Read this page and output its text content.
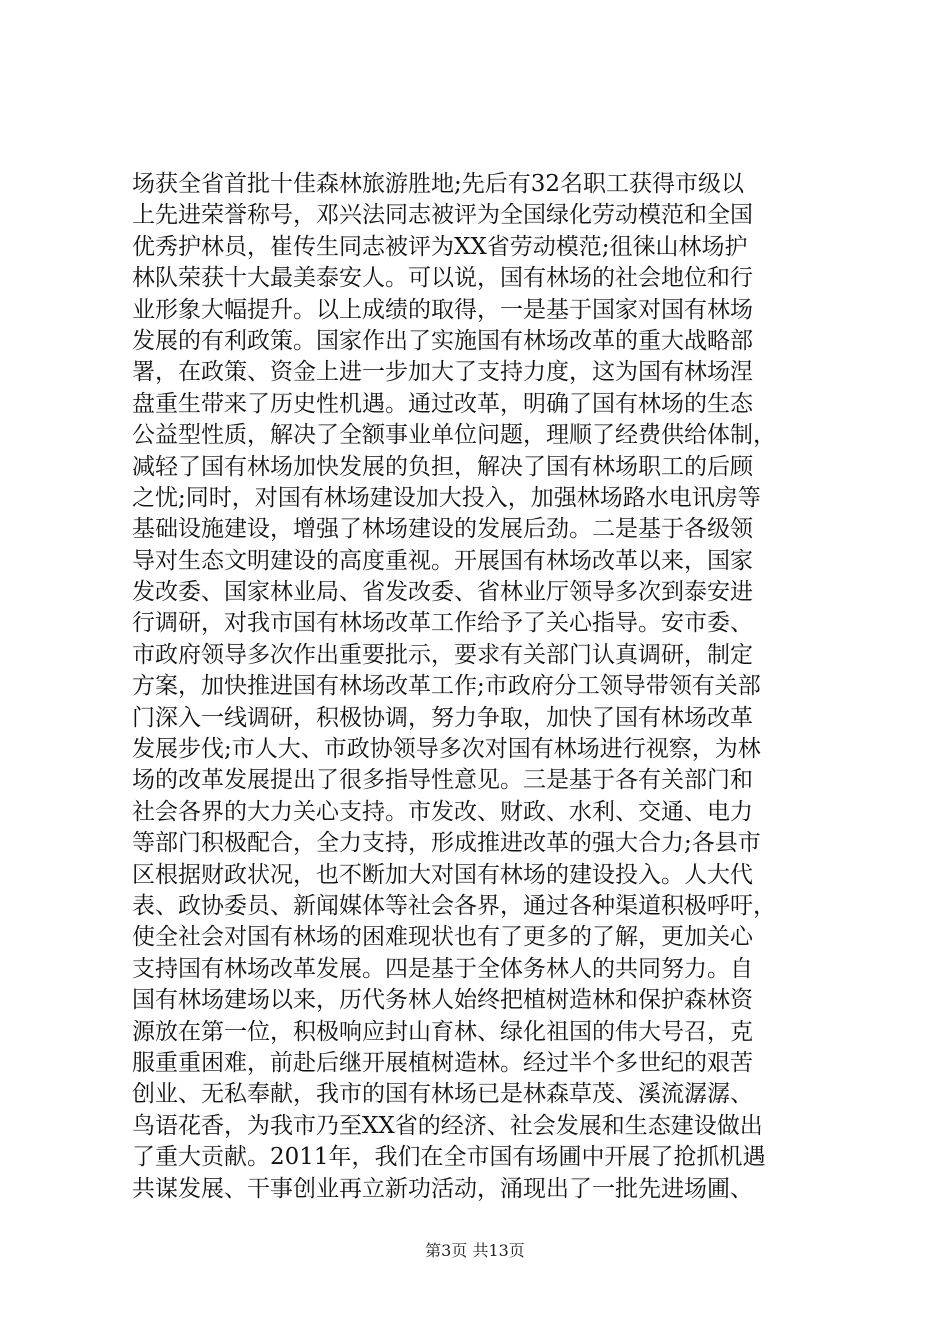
场获全省首批十佳森林旅游胜地;先后有32名职工获得市级以
上先进荣誉称号，邓兴法同志被评为全国绿化劳动模范和全国
优秀护林员，崔传生同志被评为XX省劳动模范;徂徕山林场护
林队荣获十大最美泰安人。可以说，国有林场的社会地位和行
业形象大幅提升。以上成绩的取得，一是基于国家对国有林场
发展的有利政策。国家作出了实施国有林场改革的重大战略部
署，在政策、资金上进一步加大了支持力度，这为国有林场涅
盘重生带来了历史性机遇。通过改革，明确了国有林场的生态
公益型性质，解决了全额事业单位问题，理顺了经费供给体制，
减轻了国有林场加快发展的负担，解决了国有林场职工的后顾
之忧;同时，对国有林场建设加大投入，加强林场路水电讯房等
基础设施建设，增强了林场建设的发展后劲。二是基于各级领
导对生态文明建设的高度重视。开展国有林场改革以来，国家
发改委、国家林业局、省发改委、省林业厅领导多次到泰安进
行调研，对我市国有林场改革工作给予了关心指导。安市委、
市政府领导多次作出重要批示，要求有关部门认真调研，制定
方案，加快推进国有林场改革工作;市政府分工领导带领有关部
门深入一线调研，积极协调，努力争取，加快了国有林场改革
发展步伐;市人大、市政协领导多次对国有林场进行视察，为林
场的改革发展提出了很多指导性意见。三是基于各有关部门和
社会各界的大力关心支持。市发改、财政、水利、交通、电力
等部门积极配合，全力支持，形成推进改革的强大合力;各县市
区根据财政状况，也不断加大对国有林场的建设投入。人大代
表、政协委员、新闻媒体等社会各界，通过各种渠道积极呼吁，
使全社会对国有林场的困难现状也有了更多的了解，更加关心
支持国有林场改革发展。四是基于全体务林人的共同努力。自
国有林场建场以来，历代务林人始终把植树造林和保护森林资
源放在第一位，积极响应封山育林、绿化祖国的伟大号召，克
服重重困难，前赴后继开展植树造林。经过半个多世纪的艰苦
创业、无私奉献，我市的国有林场已是林森草茂、溪流潺潺、
鸟语花香，为我市乃至XX省的经济、社会发展和生态建设做出
了重大贡献。2011年，我们在全市国有场圃中开展了抢抓机遇
共谋发展、干事创业再立新功活动，涌现出了一批先进场圃、
第3页 共13页
